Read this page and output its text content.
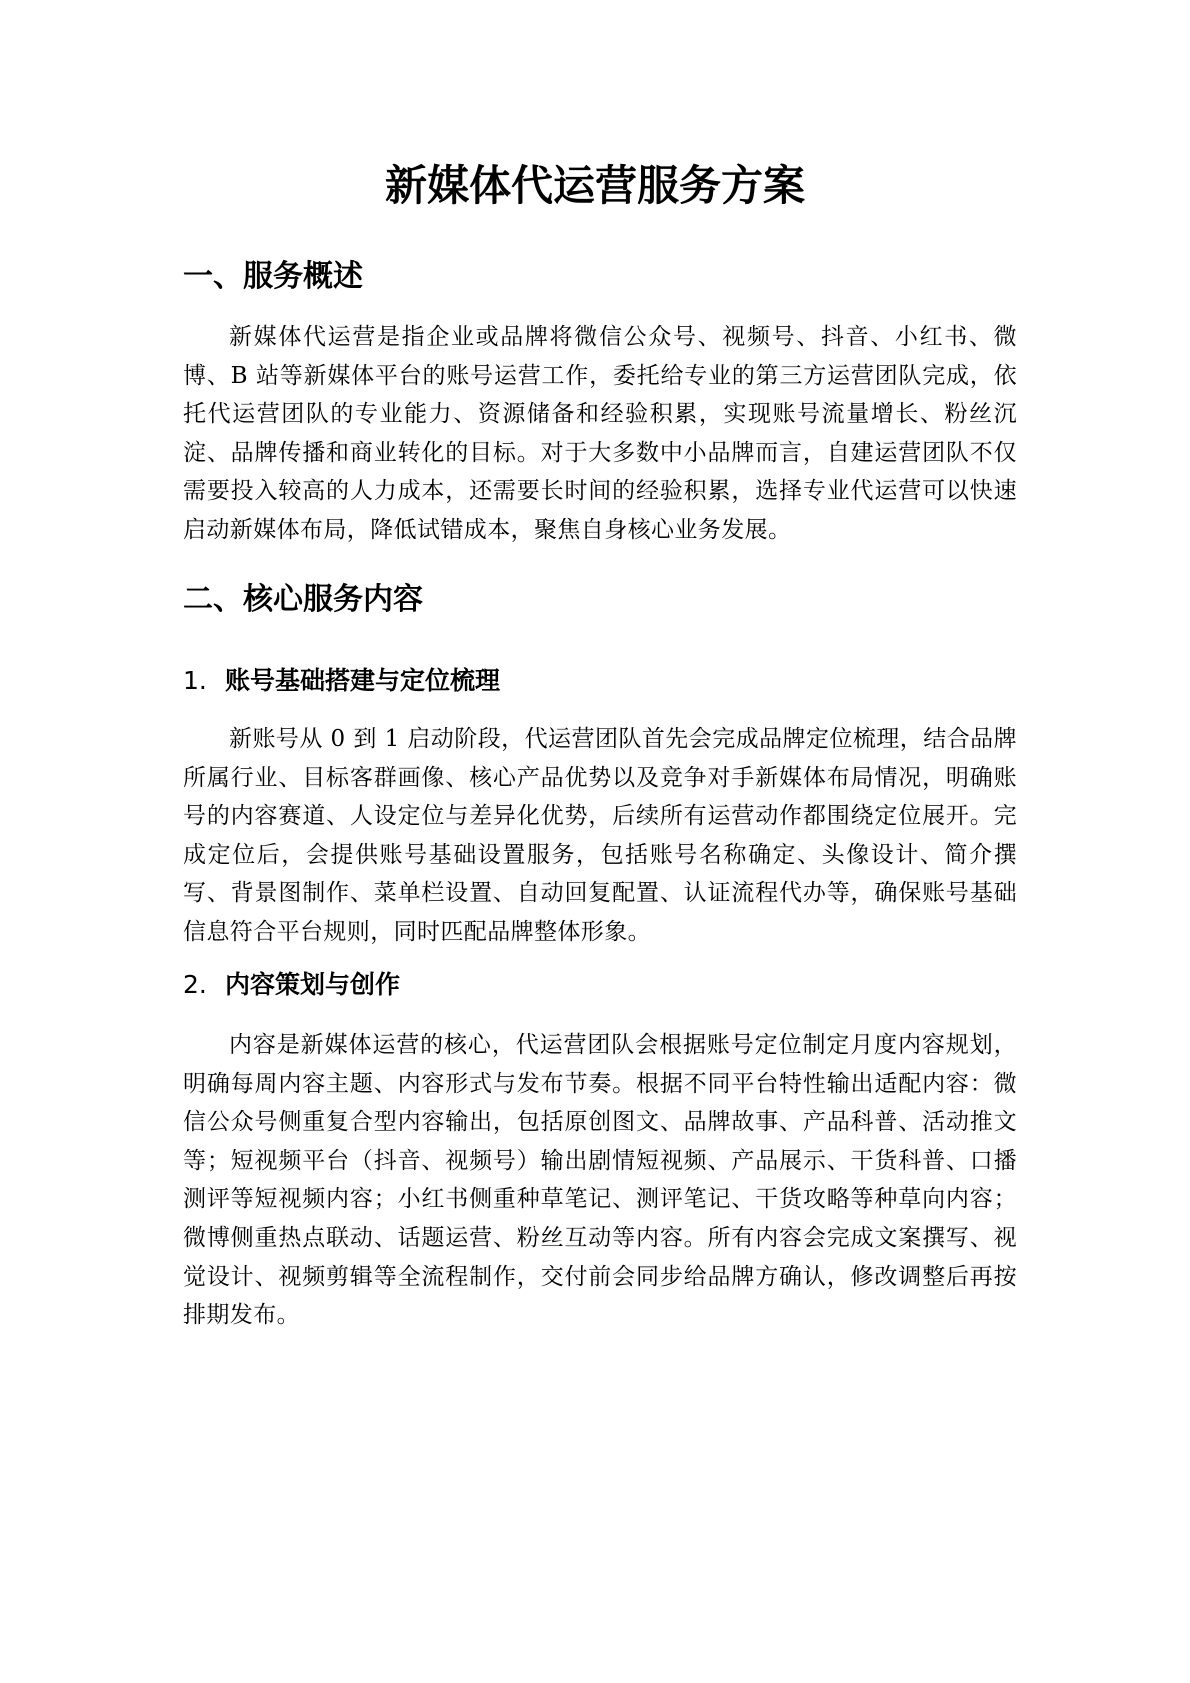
新媒体代运营服务方案
一、服务概述

新媒体代运营是指企业或品牌将微信公众号、视频号、抖音、小红书、微博、B 站等新媒体平台的账号运营工作，委托给专业的第三方运营团队完成，依托代运营团队的专业能力、资源储备和经验积累，实现账号流量增长、粉丝沉淀、品牌传播和商业转化的目标。对于大多数中小品牌而言，自建运营团队不仅需要投入较高的人力成本，还需要长时间的经验积累，选择专业代运营可以快速启动新媒体布局，降低试错成本，聚焦自身核心业务发展。

二、核心服务内容
1. 账号基础搭建与定位梳理

新账号从 0 到 1 启动阶段，代运营团队首先会完成品牌定位梳理，结合品牌所属行业、目标客群画像、核心产品优势以及竞争对手新媒体布局情况，明确账号的内容赛道、人设定位与差异化优势，后续所有运营动作都围绕定位展开。完成定位后，会提供账号基础设置服务，包括账号名称确定、头像设计、简介撰写、背景图制作、菜单栏设置、自动回复配置、认证流程代办等，确保账号基础信息符合平台规则，同时匹配品牌整体形象。

2. 内容策划与创作

内容是新媒体运营的核心，代运营团队会根据账号定位制定月度内容规划，明确每周内容主题、内容形式与发布节奏。根据不同平台特性输出适配内容：微信公众号侧重复合型内容输出，包括原创图文、品牌故事、产品科普、活动推文等；短视频平台（抖音、视频号）输出剧情短视频、产品展示、干货科普、口播测评等短视频内容；小红书侧重种草笔记、测评笔记、干货攻略等种草向内容；微博侧重热点联动、话题运营、粉丝互动等内容。所有内容会完成文案撰写、视觉设计、视频剪辑等全流程制作，交付前会同步给品牌方确认，修改调整后再按排期发布。
